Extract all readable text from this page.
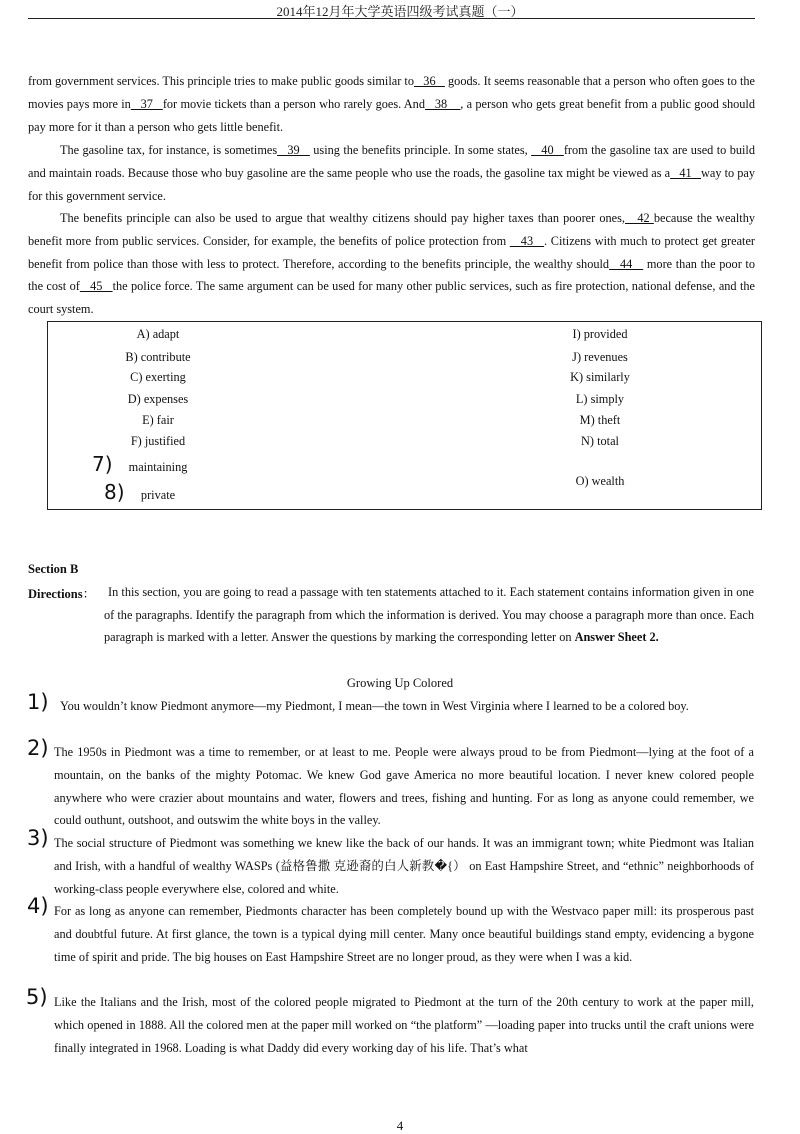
2014年12月年大学英语四级考试真题（一）
from government services. This principle tries to make public goods similar to   36    goods. It seems reasonable that a person who often goes to the movies pays more in   37   for movie tickets than a person who rarely goes. And   38    , a person who gets great benefit from a public good should pay more for it than a person who gets little benefit.
The gasoline tax, for instance, is sometimes   39    using the benefits principle. In some states,    40   from the gasoline tax are used to build and maintain roads. Because those who buy gasoline are the same people who use the roads, the gasoline tax might be viewed as a   41   way to pay for this government service.
The benefits principle can also be used to argue that wealthy citizens should pay higher taxes than poorer ones,   42 because the wealthy benefit more from public services. Consider, for example, the benefits of police protection from    43   . Citizens with much to protect get greater benefit from police than those with less to protect. Therefore, according to the benefits principle, the wealthy should   44    more than the poor to the cost of   45   the police force. The same argument can be used for many other public services, such as fire protection, national defense, and the court system.
A) adapt
B) contribute
C) exerting
D) expenses
E) fair
F) justified
maintaining
private
I) provided
J) revenues
K) similarly
L) simply
M) theft
N) total
O) wealth
7)
8)
Section B
Directions：	In this section, you are going to read a passage with ten statements attached to it. Each statement contains information given in one of the paragraphs. Identify the paragraph from which the information is derived. You may choose a paragraph more than once. Each paragraph is marked with a letter. Answer the questions by marking the corresponding letter on Answer Sheet 2.
Growing Up Colored
1) You wouldn’t know Piedmont anymore—my Piedmont, I mean—the town in West Virginia where I learned to be a colored boy.
2) The 1950s in Piedmont was a time to remember, or at least to me. People were always proud to be from Piedmont—lying at the foot of a mountain, on the banks of the mighty Potomac. We knew God gave America no more beautiful location. I never knew colored people anywhere who were crazier about mountains and water, flowers and trees, fishing and hunting. For as long as anyone could remember, we could outhunt, outshoot, and outswim the white boys in the valley.
3) The social structure of Piedmont was something we knew like the back of our hands. It was an immigrant town; white Piedmont was Italian and Irish, with a handful of wealthy WASPs (益格鲁撒 克逊裔的白人新教�{） on East Hampshire Street, and “ethnic” neighborhoods of working-class people everywhere else, colored and white.
4) For as long as anyone can remember, Piedmonts character has been completely bound up with the Westvaco paper mill: its prosperous past and doubtful future. At first glance, the town is a typical dying mill center. Many once beautiful buildings stand empty, evidencing a bygone time of spirit and pride. The big houses on East Hampshire Street are no longer proud, as they were when I was a kid.
5) Like the Italians and the Irish, most of the colored people migrated to Piedmont at the turn of the 20th century to work at the paper mill, which opened in 1888. All the colored men at the paper mill worked on “the platform” —loading paper into trucks until the craft unions were finally integrated in 1968. Loading is what Daddy did every working day of his life. That’s what
4
